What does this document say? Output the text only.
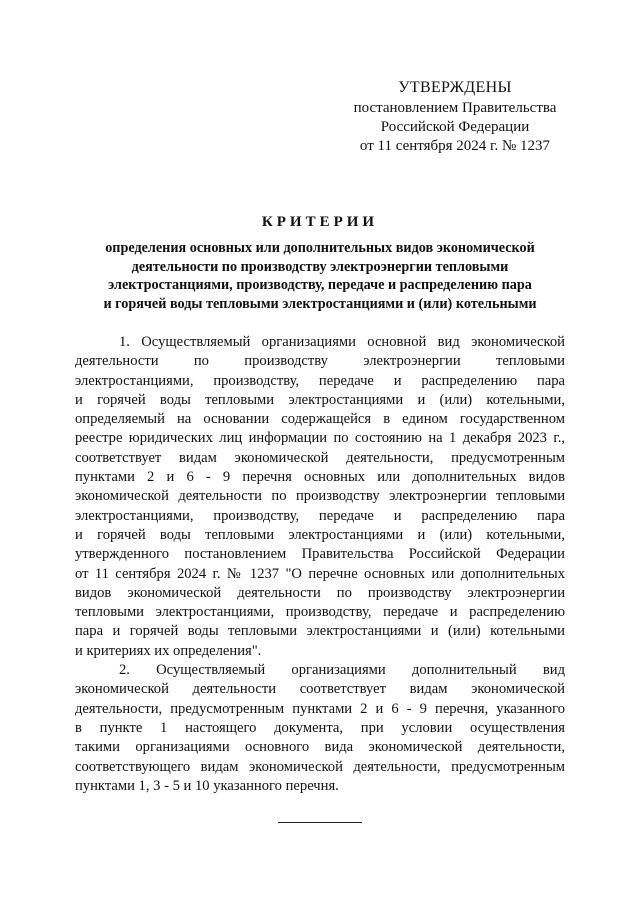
УТВЕРЖДЕНЫ
постановлением Правительства
Российской Федерации
от 11 сентября 2024 г. № 1237
КРИТЕРИИ
определения основных или дополнительных видов экономической
деятельности по производству электроэнергии тепловыми
электростанциями, производству, передаче и распределению пара
и горячей воды тепловыми электростанциями и (или) котельными
1. Осуществляемый организациями основной вид экономической
деятельности по производству электроэнергии тепловыми
электростанциями, производству, передаче и распределению пара
и горячей воды тепловыми электростанциями и (или) котельными,
определяемый на основании содержащейся в едином государственном
реестре юридических лиц информации по состоянию на 1 декабря 2023 г.,
соответствует видам экономической деятельности, предусмотренным
пунктами 2 и 6 - 9 перечня основных или дополнительных видов
экономической деятельности по производству электроэнергии тепловыми
электростанциями, производству, передаче и распределению пара
и горячей воды тепловыми электростанциями и (или) котельными,
утвержденного постановлением Правительства Российской Федерации
от 11 сентября 2024 г. № 1237 "О перечне основных или дополнительных
видов экономической деятельности по производству электроэнергии
тепловыми электростанциями, производству, передаче и распределению
пара и горячей воды тепловыми электростанциями и (или) котельными
и критериях их определения".
2. Осуществляемый организациями дополнительный вид
экономической деятельности соответствует видам экономической
деятельности, предусмотренным пунктами 2 и 6 - 9 перечня, указанного
в пункте 1 настоящего документа, при условии осуществления
такими организациями основного вида экономической деятельности,
соответствующего видам экономической деятельности, предусмотренным
пунктами 1, 3 - 5 и 10 указанного перечня.
